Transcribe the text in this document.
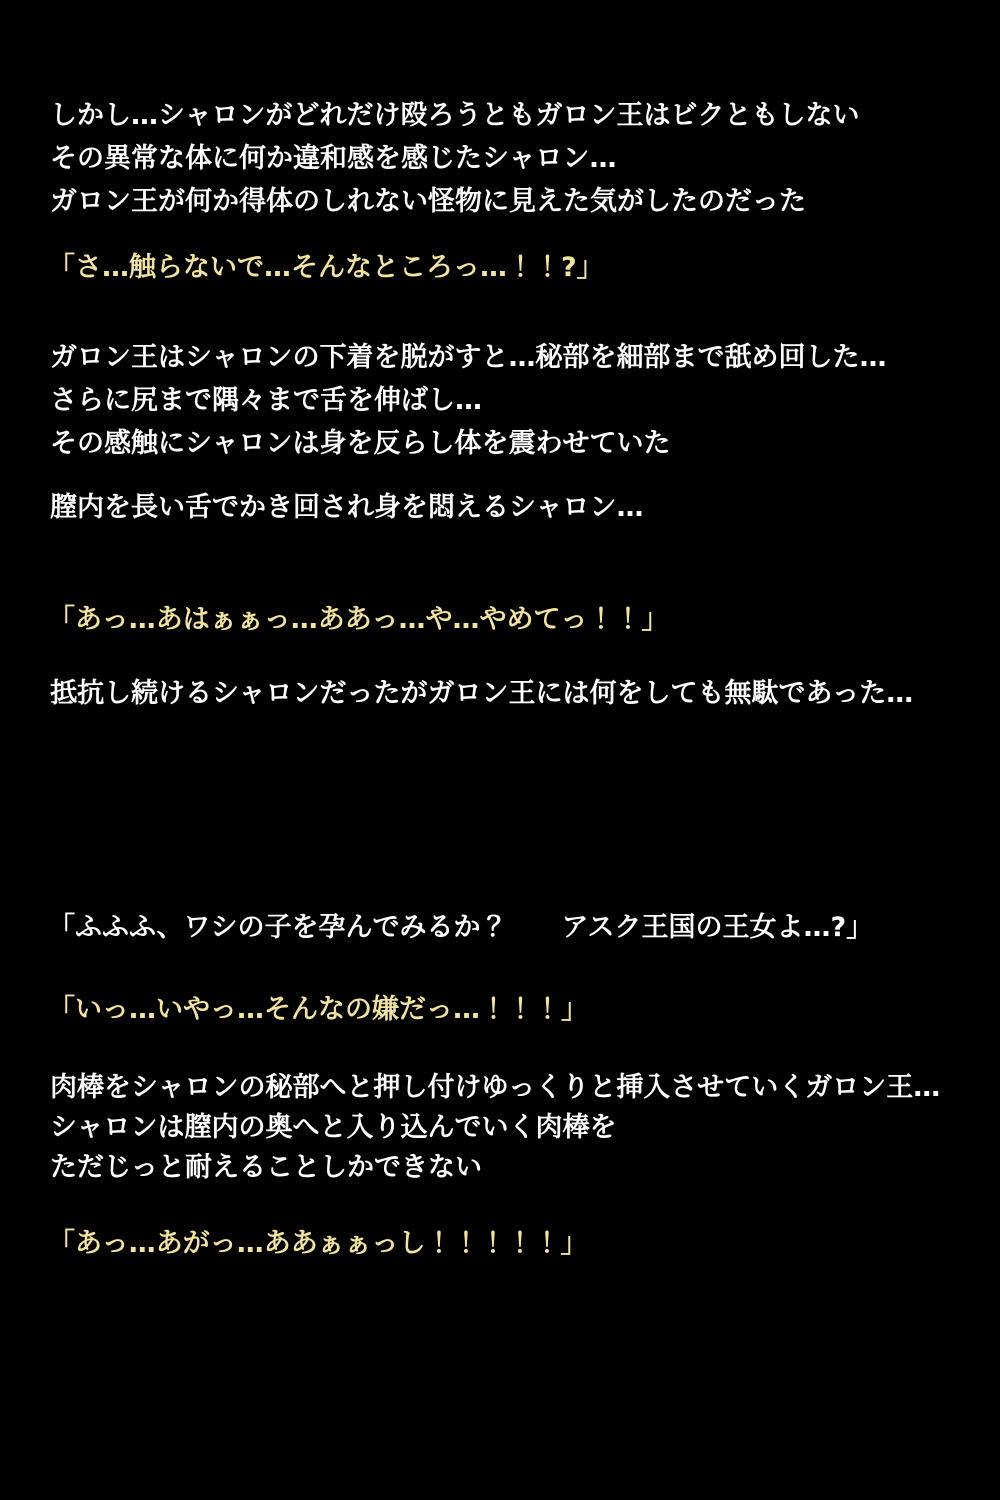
しかし…シャロンがどれだけ殴ろうともガロン王はビクともしない
その異常な体に何か違和感を感じたシャロン…
ガロン王が何か得体のしれない怪物に見えた気がしたのだった
「さ…触らないで…そんなところっ…！！?」
ガロン王はシャロンの下着を脱がすと…秘部を細部まで舐め回した…
さらに尻まで隅々まで舌を伸ばし…
その感触にシャロンは身を反らし体を震わせていた
膣内を長い舌でかき回され身を悶えるシャロン…
「あっ…あはぁぁっ…ああっ…や…やめてっ！！」
抵抗し続けるシャロンだったがガロン王には何をしても無駄であった…
「ふふふ、ワシの子を孕んでみるか？　　アスク王国の王女よ…?」
「いっ…いやっ…そんなの嫌だっ…！！！」
肉棒をシャロンの秘部へと押し付けゆっくりと挿入させていくガロン王…
シャロンは膣内の奥へと入り込んでいく肉棒を
ただじっと耐えることしかできない
「あっ…あがっ…ああぁぁっし！！！！！」
